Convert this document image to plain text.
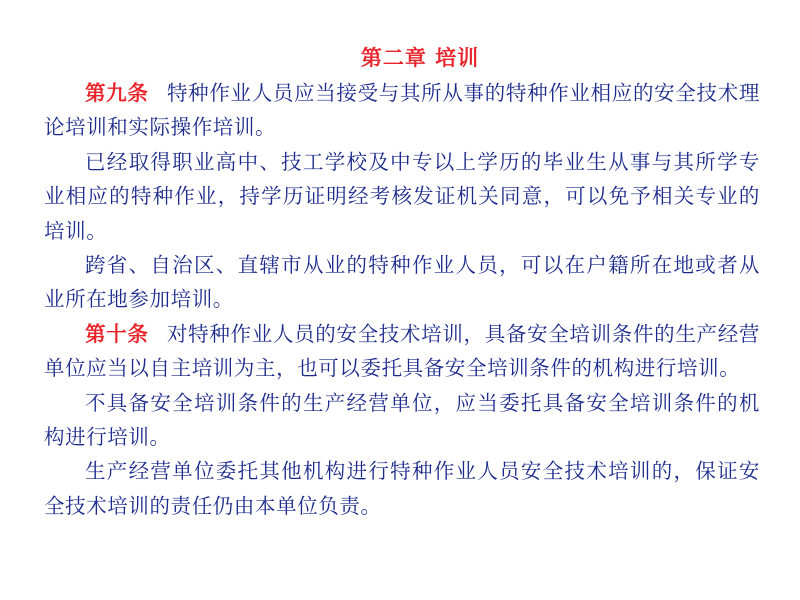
第二章 培训

第九条 特种作业人员应当接受与其所从事的特种作业相应的安全技术理论培训和实际操作培训。

已经取得职业高中、技工学校及中专以上学历的毕业生从事与其所学专业相应的特种作业，持学历证明经考核发证机关同意，可以免予相关专业的培训。

跨省、自治区、直辖市从业的特种作业人员，可以在户籍所在地或者从业所在地参加培训。

第十条 对特种作业人员的安全技术培训，具备安全培训条件的生产经营单位应当以自主培训为主，也可以委托具备安全培训条件的机构进行培训。

不具备安全培训条件的生产经营单位，应当委托具备安全培训条件的机构进行培训。

生产经营单位委托其他机构进行特种作业人员安全技术培训的，保证安全技术培训的责任仍由本单位负责。
